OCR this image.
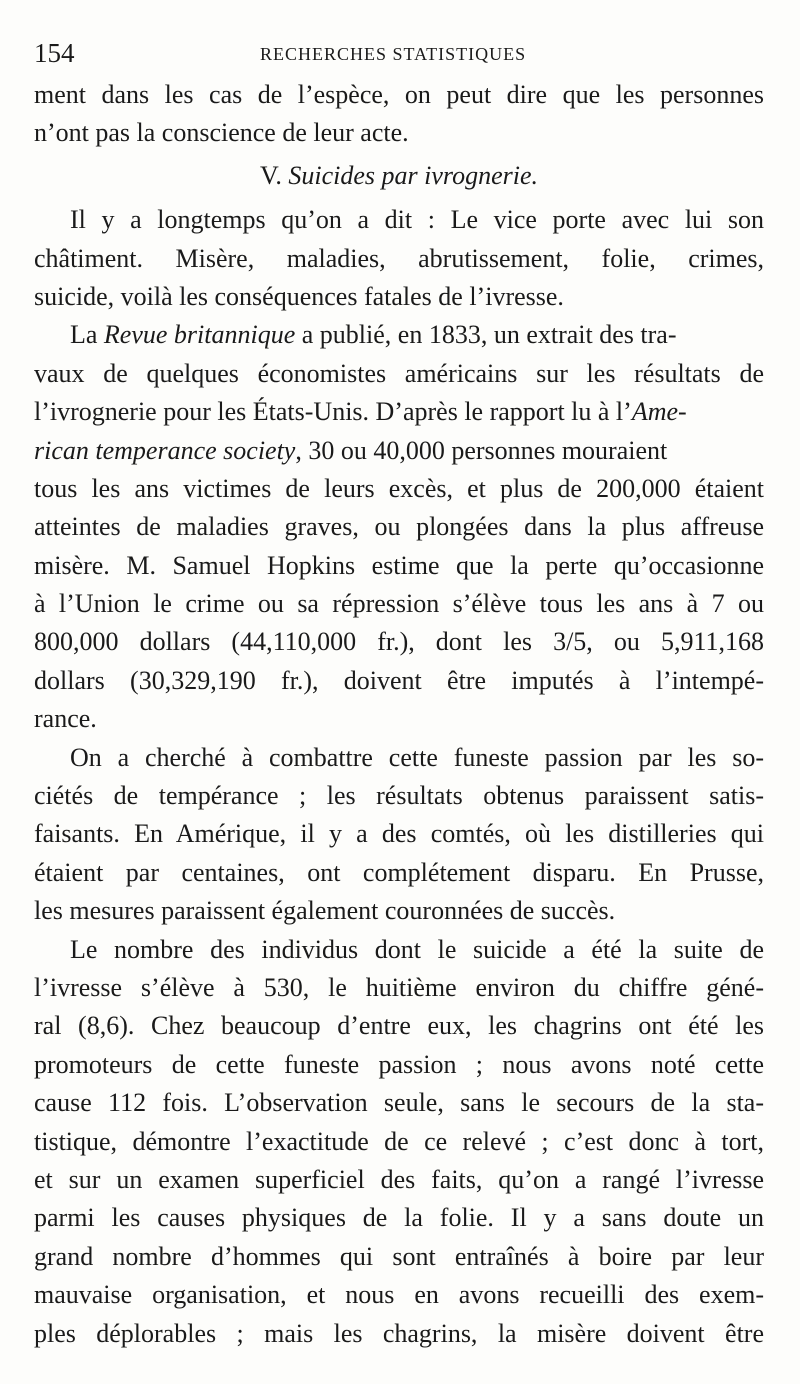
154	RECHERCHES STATISTIQUES
ment dans les cas de l’espèce, on peut dire que les personnes
n’ont pas la conscience de leur acte.
V. Suicides par ivrognerie.
Il y a longtemps qu’on a dit : Le vice porte avec lui son
châtiment. Misère, maladies, abrutissement, folie, crimes,
suicide, voilà les conséquences fatales de l’ivresse.
La
Revue britannique
a publié, en 1833, un extrait des tra-
vaux de quelques économistes américains sur les résultats de
l’ivrognerie pour les États-Unis. D’après le rapport lu à l’ Ame-
rican temperance society , 30 ou 40,000 personnes mouraient
tous les ans victimes de leurs excès, et plus de 200,000 étaient
atteintes de maladies graves, ou plongées dans la plus affreuse
misère. M. Samuel Hopkins estime que la perte qu’occasionne
à l’Union le crime ou sa répression s’élève tous les ans à 7 ou
800,000 dollars (44,110,000 fr.), dont les 3/5, ou 5,911,168
dollars (30,329,190 fr.), doivent être imputés à l’intempé-
rance.
On a cherché à combattre cette funeste passion par les so-
ciétés de tempérance ; les résultats obtenus paraissent satis-
faisants. En Amérique, il y a des comtés, où les distilleries qui
étaient par centaines, ont complétement disparu. En Prusse,
les mesures paraissent également couronnées de succès.
Le nombre des individus dont le suicide a été la suite de
l’ivresse s’élève à 530, le huitième environ du chiffre géné-
ral (8,6). Chez beaucoup d’entre eux, les chagrins ont été les
promoteurs de cette funeste passion ; nous avons noté cette
cause 112 fois. L’observation seule, sans le secours de la sta-
tistique, démontre l’exactitude de ce relevé ; c’est donc à tort,
et sur un examen superficiel des faits, qu’on a rangé l’ivresse
parmi les causes physiques de la folie. Il y a sans doute un
grand nombre d’hommes qui sont entraînés à boire par leur
mauvaise organisation, et nous en avons recueilli des exem-
ples déplorables ; mais les chagrins, la misère doivent être
